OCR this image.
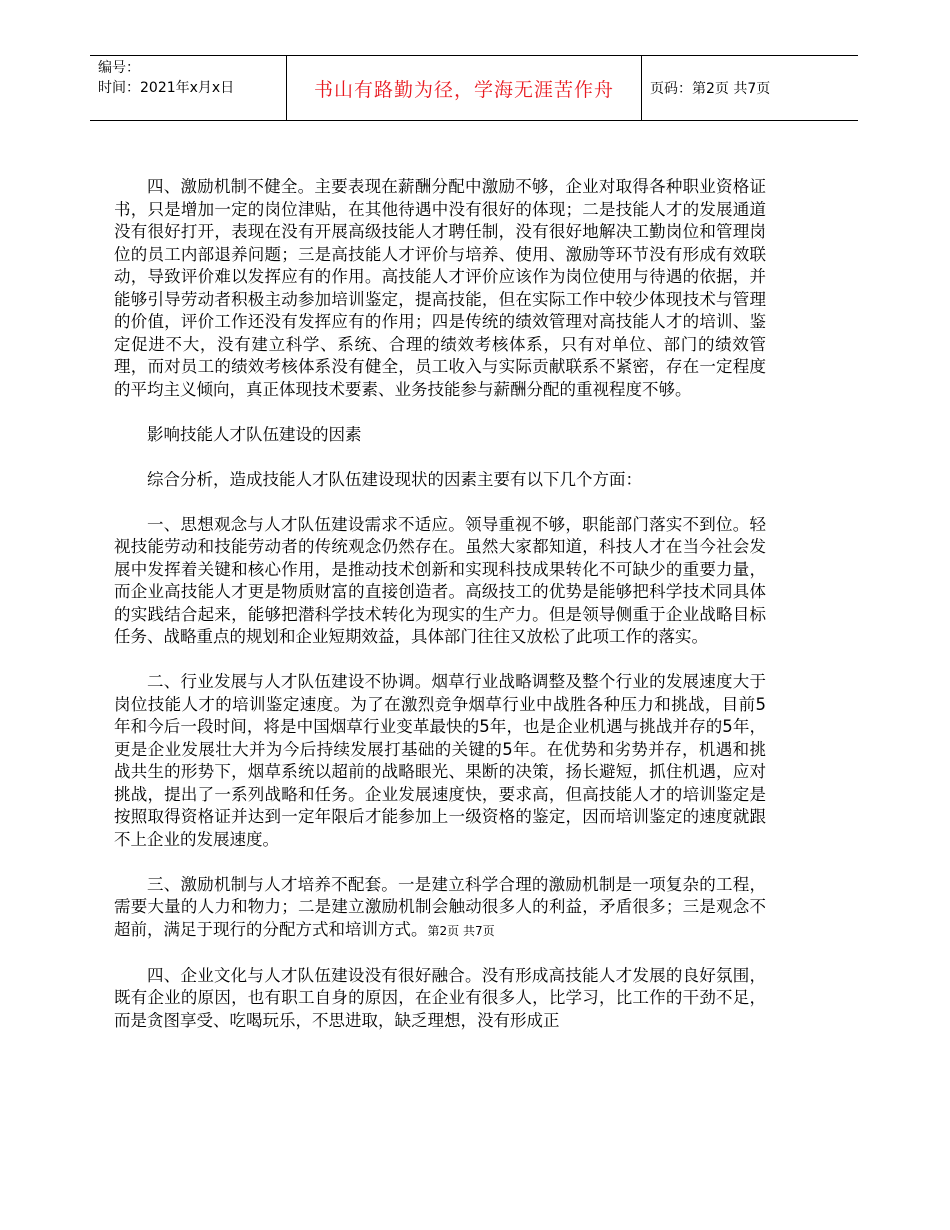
编号：
时间：2021年x月x日	书山有路勤为径，学海无涯苦作舟	页码：第2页 共7页

四、激励机制不健全。主要表现在薪酬分配中激励不够，企业对取得各种职业资格证书，只是增加一定的岗位津贴，在其他待遇中没有很好的体现；二是技能人才的发展通道没有很好打开，表现在没有开展高级技能人才聘任制，没有很好地解决工勤岗位和管理岗位的员工内部退养问题；三是高技能人才评价与培养、使用、激励等环节没有形成有效联动，导致评价难以发挥应有的作用。高技能人才评价应该作为岗位使用与待遇的依据，并能够引导劳动者积极主动参加培训鉴定，提高技能，但在实际工作中较少体现技术与管理的价值，评价工作还没有发挥应有的作用；四是传统的绩效管理对高技能人才的培训、鉴定促进不大，没有建立科学、系统、合理的绩效考核体系，只有对单位、部门的绩效管理，而对员工的绩效考核体系没有健全，员工收入与实际贡献联系不紧密，存在一定程度的平均主义倾向，真正体现技术要素、业务技能参与薪酬分配的重视程度不够。

影响技能人才队伍建设的因素

综合分析，造成技能人才队伍建设现状的因素主要有以下几个方面：

一、思想观念与人才队伍建设需求不适应。领导重视不够，职能部门落实不到位。轻视技能劳动和技能劳动者的传统观念仍然存在。虽然大家都知道，科技人才在当今社会发展中发挥着关键和核心作用，是推动技术创新和实现科技成果转化不可缺少的重要力量，而企业高技能人才更是物质财富的直接创造者。高级技工的优势是能够把科学技术同具体的实践结合起来，能够把潜科学技术转化为现实的生产力。但是领导侧重于企业战略目标任务、战略重点的规划和企业短期效益，具体部门往往又放松了此项工作的落实。

二、行业发展与人才队伍建设不协调。烟草行业战略调整及整个行业的发展速度大于岗位技能人才的培训鉴定速度。为了在激烈竞争烟草行业中战胜各种压力和挑战，目前5年和今后一段时间，将是中国烟草行业变革最快的5年，也是企业机遇与挑战并存的5年，更是企业发展壮大并为今后持续发展打基础的关键的5年。在优势和劣势并存，机遇和挑战共生的形势下，烟草系统以超前的战略眼光、果断的决策，扬长避短，抓住机遇，应对挑战，提出了一系列战略和任务。企业发展速度快，要求高，但高技能人才的培训鉴定是按照取得资格证并达到一定年限后才能参加上一级资格的鉴定，因而培训鉴定的速度就跟不上企业的发展速度。

三、激励机制与人才培养不配套。一是建立科学合理的激励机制是一项复杂的工程，需要大量的人力和物力；二是建立激励机制会触动很多人的利益，矛盾很多；三是观念不超前，满足于现行的分配方式和培训方式。第2页 共7页

四、企业文化与人才队伍建设没有很好融合。没有形成高技能人才发展的良好氛围，既有企业的原因，也有职工自身的原因，在企业有很多人，比学习，比工作的干劲不足，而是贪图享受、吃喝玩乐，不思进取，缺乏理想，没有形成正
